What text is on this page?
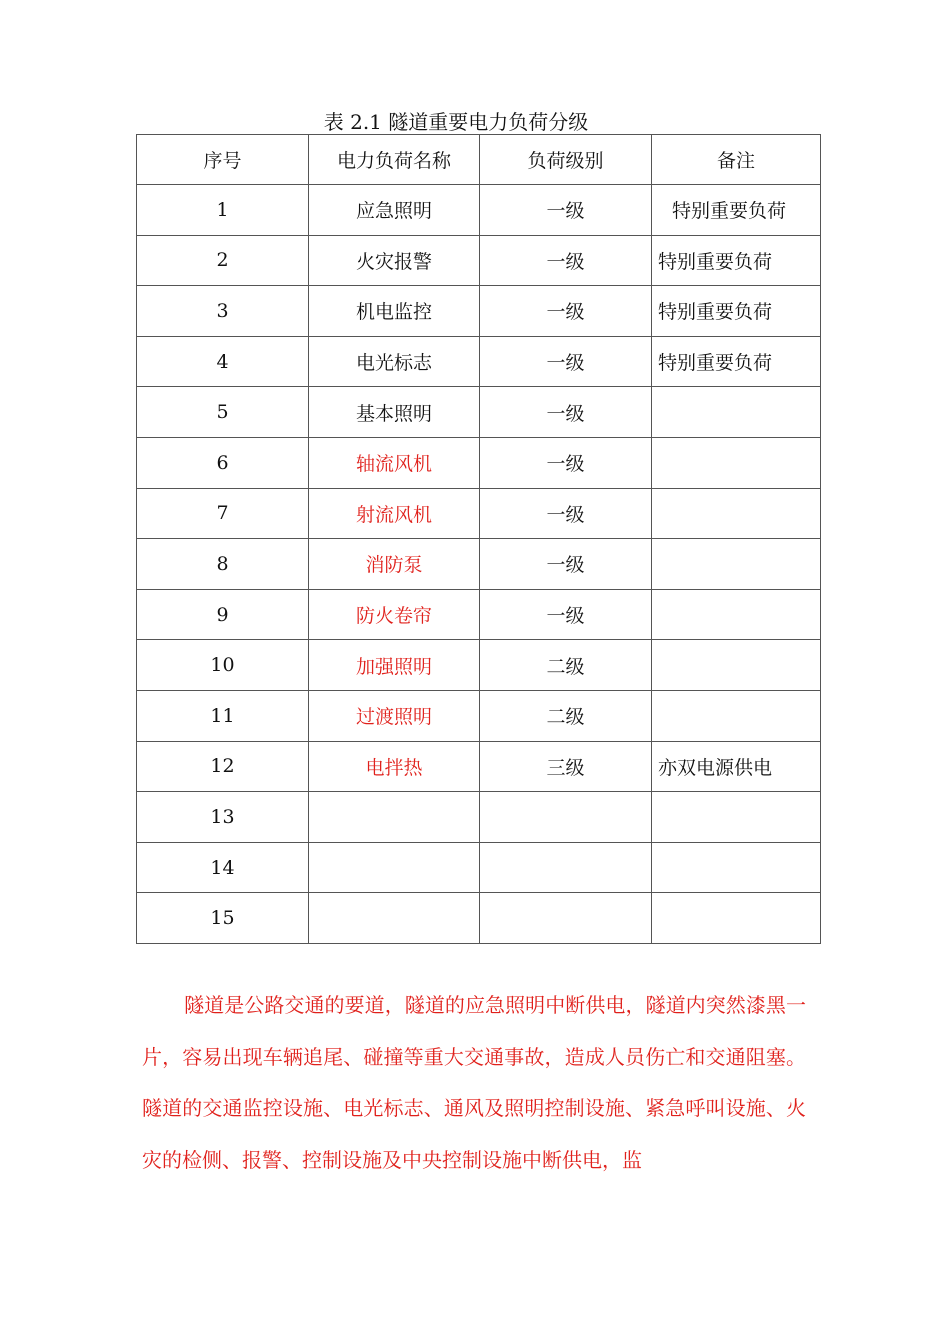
表 2.1 隧道重要电力负荷分级
序号	电力负荷名称	负荷级别	备注
1	应急照明	一级	特别重要负荷
2	火灾报警	一级	特别重要负荷
3	机电监控	一级	特别重要负荷
4	电光标志	一级	特别重要负荷
5	基本照明	一级	
6	轴流风机	一级	
7	射流风机	一级	
8	消防泵	一级	
9	防火卷帘	一级	
10	加强照明	二级	
11	过渡照明	二级	
12	电拌热	三级	亦双电源供电
13			
14			
15			

隧道是公路交通的要道，隧道的应急照明中断供电，隧道内突然漆黑一片，容易出现车辆追尾、碰撞等重大交通事故，造成人员伤亡和交通阻塞。隧道的交通监控设施、电光标志、通风及照明控制设施、紧急呼叫设施、火灾的检侧、报警、控制设施及中央控制设施中断供电，监
